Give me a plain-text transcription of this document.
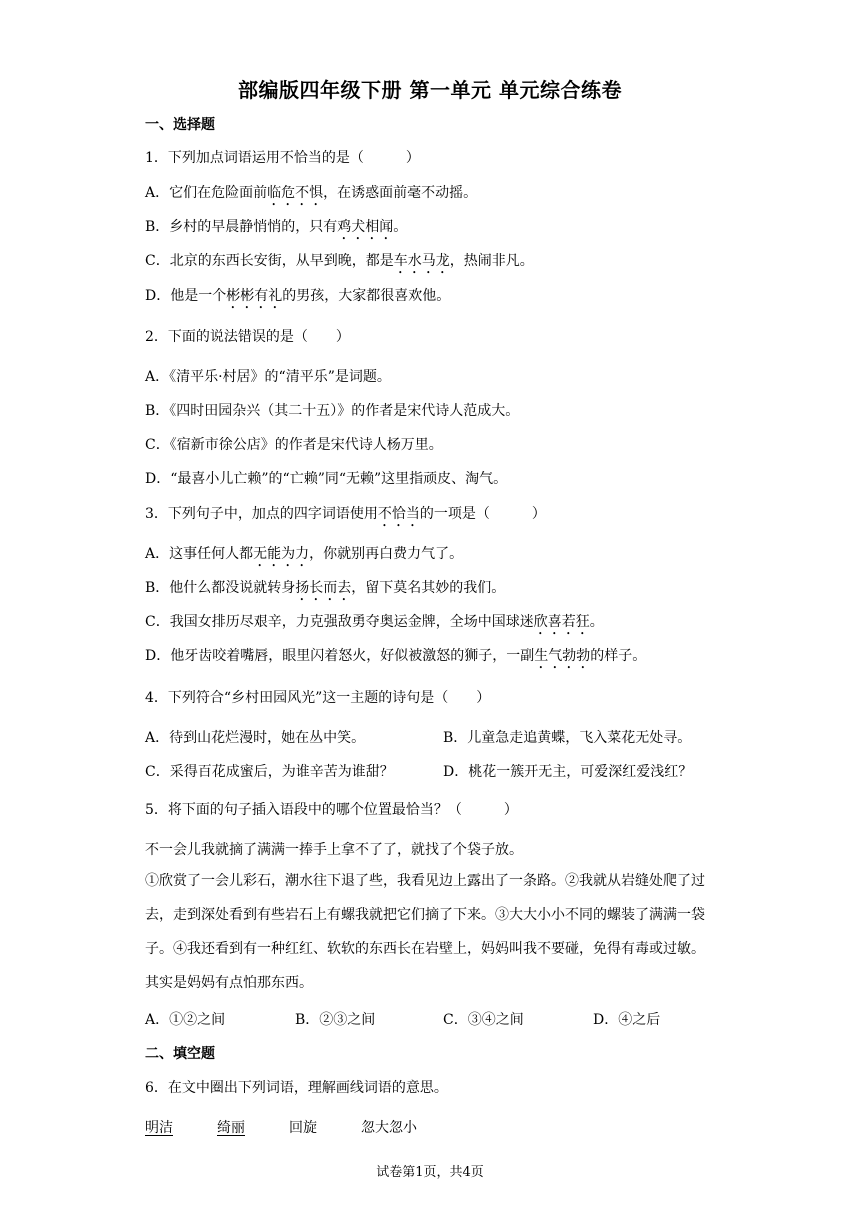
部编版四年级下册 第一单元 单元综合练卷
一、选择题
1．下列加点词语运用不恰当的是（　　　）
A．它们在危险面前临危不惧，在诱惑面前毫不动摇。
B．乡村的早晨静悄悄的，只有鸡犬相闻。
C．北京的东西长安街，从早到晚，都是车水马龙，热闹非凡。
D．他是一个彬彬有礼的男孩，大家都很喜欢他。
2．下面的说法错误的是（　　）
A．《清平乐·村居》的“清平乐”是词题。
B．《四时田园杂兴（其二十五）》的作者是宋代诗人范成大。
C．《宿新市徐公店》的作者是宋代诗人杨万里。
D．“最喜小儿亡赖”的“亡赖”同“无赖”这里指顽皮、淘气。
3．下列句子中，加点的四字词语使用不恰当的一项是（　　　）
A．这事任何人都无能为力，你就别再白费力气了。
B．他什么都没说就转身扬长而去，留下莫名其妙的我们。
C．我国女排历尽艰辛，力克强敌勇夺奥运金牌，全场中国球迷欣喜若狂。
D．他牙齿咬着嘴唇，眼里闪着怒火，好似被激怒的狮子，一副生气勃勃的样子。
4．下列符合“乡村田园风光”这一主题的诗句是（　　）
A．待到山花烂漫时，她在丛中笑。	B．儿童急走追黄蝶，飞入菜花无处寻。
C．采得百花成蜜后，为谁辛苦为谁甜？	D．桃花一簇开无主，可爱深红爱浅红？
5．将下面的句子插入语段中的哪个位置最恰当？（　　　）
不一会儿我就摘了满满一捧手上拿不了了，就找了个袋子放。
①欣赏了一会儿彩石，潮水往下退了些，我看见边上露出了一条路。②我就从岩缝处爬了过去，走到深处看到有些岩石上有螺我就把它们摘了下来。③大大小小不同的螺装了满满一袋子。④我还看到有一种红红、软软的东西长在岩壁上，妈妈叫我不要碰，免得有毒或过敏。其实是妈妈有点怕那东西。
A．①②之间	B．②③之间	C．③④之间	D．④之后
二、填空题
6．在文中圈出下列词语，理解画线词语的意思。
明洁	绮丽	回旋	忽大忽小
试卷第1页，共4页
